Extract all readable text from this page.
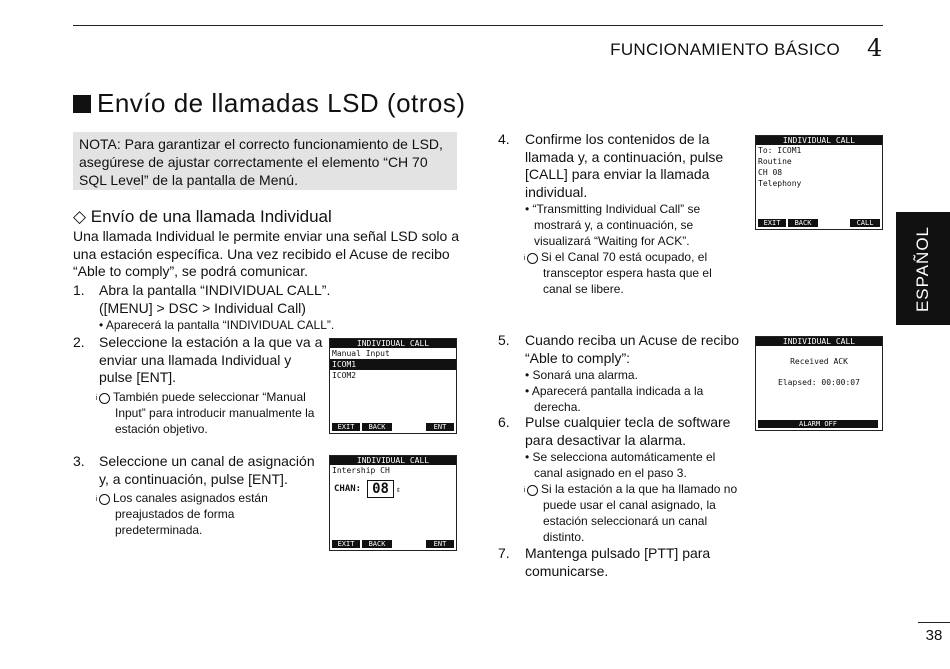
FUNCIONAMIENTO BÁSICO 4
Envío de llamadas LSD (otros)
NOTA: Para garantizar el correcto funcionamiento de LSD, asegúrese de ajustar correctamente el elemento “CH 70 SQL Level” de la pantalla de Menú.
◇ Envío de una llamada Individual
Una llamada Individual le permite enviar una señal LSD solo a una estación específica. Una vez recibido el Acuse de recibo “Able to comply”, se podrá comunicar.
1. Abra la pantalla “INDIVIDUAL CALL”.
([MENU] > DSC > Individual Call)
• Aparecerá la pantalla “INDIVIDUAL CALL”.
2. Seleccione la estación a la que va a enviar una llamada Individual y pulse [ENT].
i También puede seleccionar “Manual Input” para introducir manualmente la estación objetivo.
INDIVIDUAL CALL
Manual Input
ICOM1
ICOM2
EXIT	BACK	ENT
3. Seleccione un canal de asignación y, a continuación, pulse [ENT].
i Los canales asignados están preajustados de forma predeterminada.
INDIVIDUAL CALL
Intership CH
CHAN: 08 ⇕
EXIT	BACK	ENT
4. Confirme los contenidos de la llamada y, a continuación, pulse [CALL] para enviar la llamada individual.
• “Transmitting Individual Call” se mostrará y, a continuación, se visualizará “Waiting for ACK”.
i Si el Canal 70 está ocupado, el transceptor espera hasta que el canal se libere.
INDIVIDUAL CALL
To: ICOM1
Routine
CH 08
Telephony
EXIT	BACK	CALL
5. Cuando reciba un Acuse de recibo “Able to comply”:
• Sonará una alarma.
• Aparecerá pantalla indicada a la derecha.
INDIVIDUAL CALL
Received ACK
Elapsed: 00:00:07
ALARM OFF
6. Pulse cualquier tecla de software para desactivar la alarma.
• Se selecciona automáticamente el canal asignado en el paso 3.
i Si la estación a la que ha llamado no puede usar el canal asignado, la estación seleccionará un canal distinto.
7. Mantenga pulsado [PTT] para comunicarse.
ESPAÑOL
38
